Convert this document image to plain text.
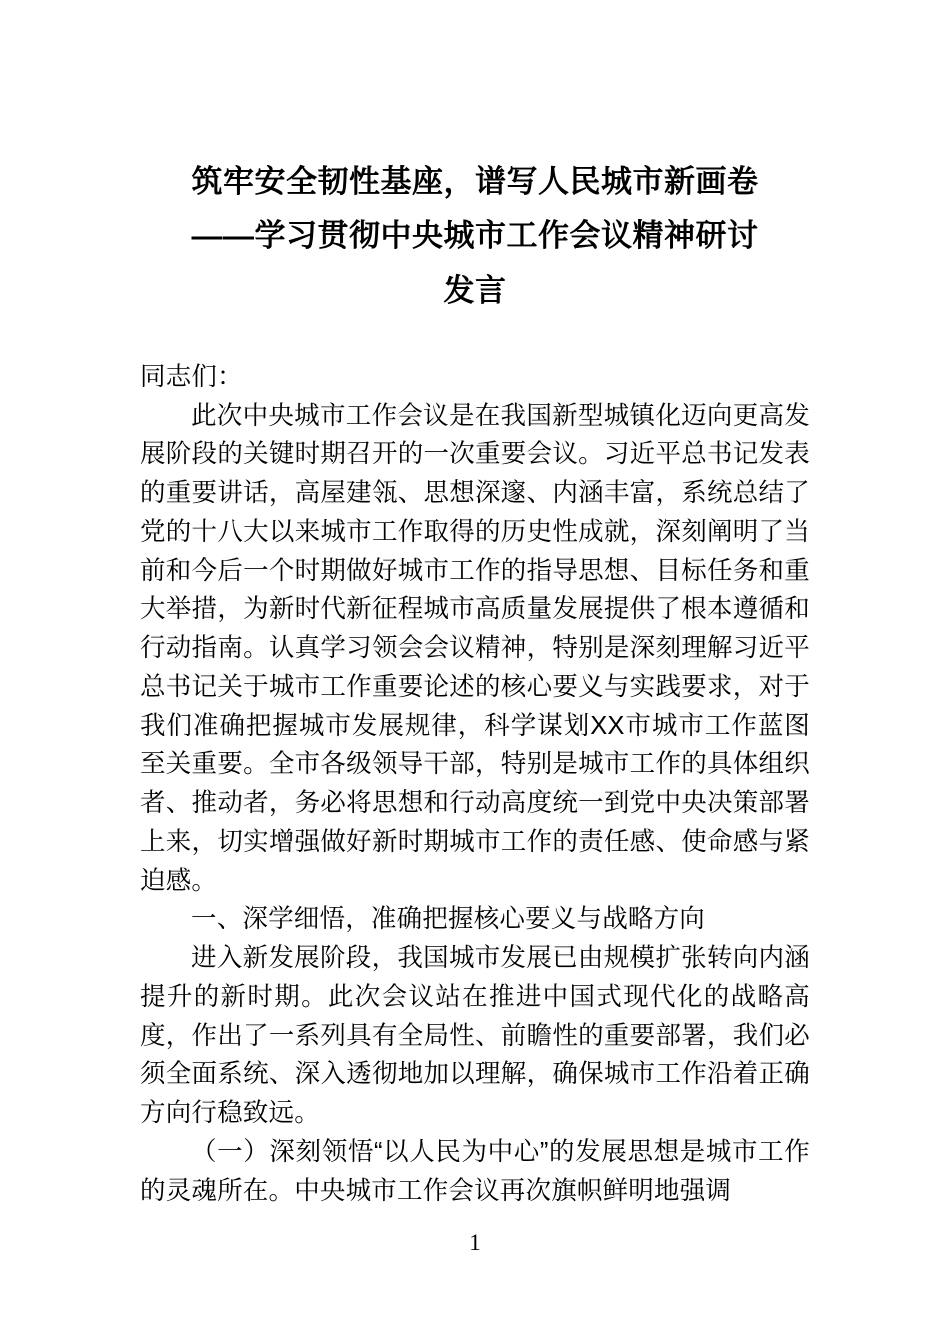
筑牢安全韧性基座，谱写人民城市新画卷
——学习贯彻中央城市工作会议精神研讨
发言

同志们：

此次中央城市工作会议是在我国新型城镇化迈向更高发展阶段的关键时期召开的一次重要会议。习近平总书记发表的重要讲话，高屋建瓴、思想深邃、内涵丰富，系统总结了党的十八大以来城市工作取得的历史性成就，深刻阐明了当前和今后一个时期做好城市工作的指导思想、目标任务和重大举措，为新时代新征程城市高质量发展提供了根本遵循和行动指南。认真学习领会会议精神，特别是深刻理解习近平总书记关于城市工作重要论述的核心要义与实践要求，对于我们准确把握城市发展规律，科学谋划XX市城市工作蓝图至关重要。全市各级领导干部，特别是城市工作的具体组织者、推动者，务必将思想和行动高度统一到党中央决策部署上来，切实增强做好新时期城市工作的责任感、使命感与紧迫感。

一、深学细悟，准确把握核心要义与战略方向

进入新发展阶段，我国城市发展已由规模扩张转向内涵提升的新时期。此次会议站在推进中国式现代化的战略高度，作出了一系列具有全局性、前瞻性的重要部署，我们必须全面系统、深入透彻地加以理解，确保城市工作沿着正确方向行稳致远。

（一）深刻领悟“以人民为中心”的发展思想是城市工作的灵魂所在。中央城市工作会议再次旗帜鲜明地强调

1
